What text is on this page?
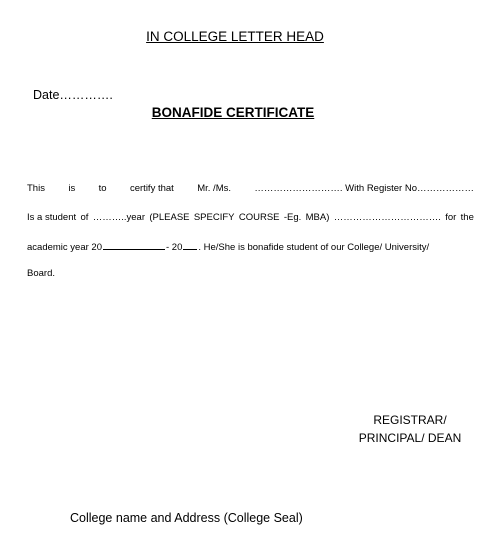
IN COLLEGE LETTER HEAD
Date………….
BONAFIDE CERTIFICATE
This is to certify that Mr. /Ms. ………………………. With Register No………………
Is a student of ………..year (PLEASE SPECIFY COURSE -Eg. MBA) ……………………………. for the
academic year 20	- 20 . He/She is bonafide student of our College/ University/
Board.
REGISTRAR/
PRINCIPAL/ DEAN
College name and Address (College Seal)
